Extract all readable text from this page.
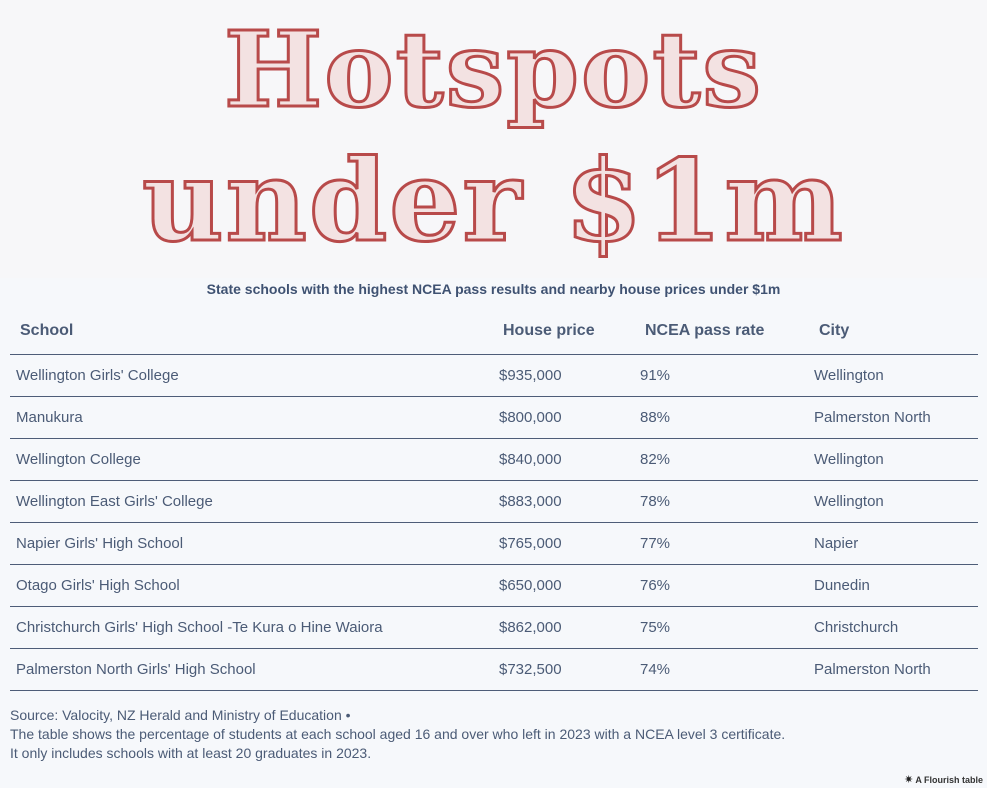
Hotspots
under $1m
State schools with the highest NCEA pass results and nearby house prices under $1m
School	House price	NCEA pass rate	City
Wellington Girls' College	$935,000	91%	Wellington
Manukura	$800,000	88%	Palmerston North
Wellington College	$840,000	82%	Wellington
Wellington East Girls' College	$883,000	78%	Wellington
Napier Girls' High School	$765,000	77%	Napier
Otago Girls' High School	$650,000	76%	Dunedin
Christchurch Girls' High School -Te Kura o Hine Waiora	$862,000	75%	Christchurch
Palmerston North Girls' High School	$732,500	74%	Palmerston North
Source: Valocity, NZ Herald and Ministry of Education •
The table shows the percentage of students at each school aged 16 and over who left in 2023 with a NCEA level 3 certificate.
It only includes schools with at least 20 graduates in 2023.
✷ A Flourish table
